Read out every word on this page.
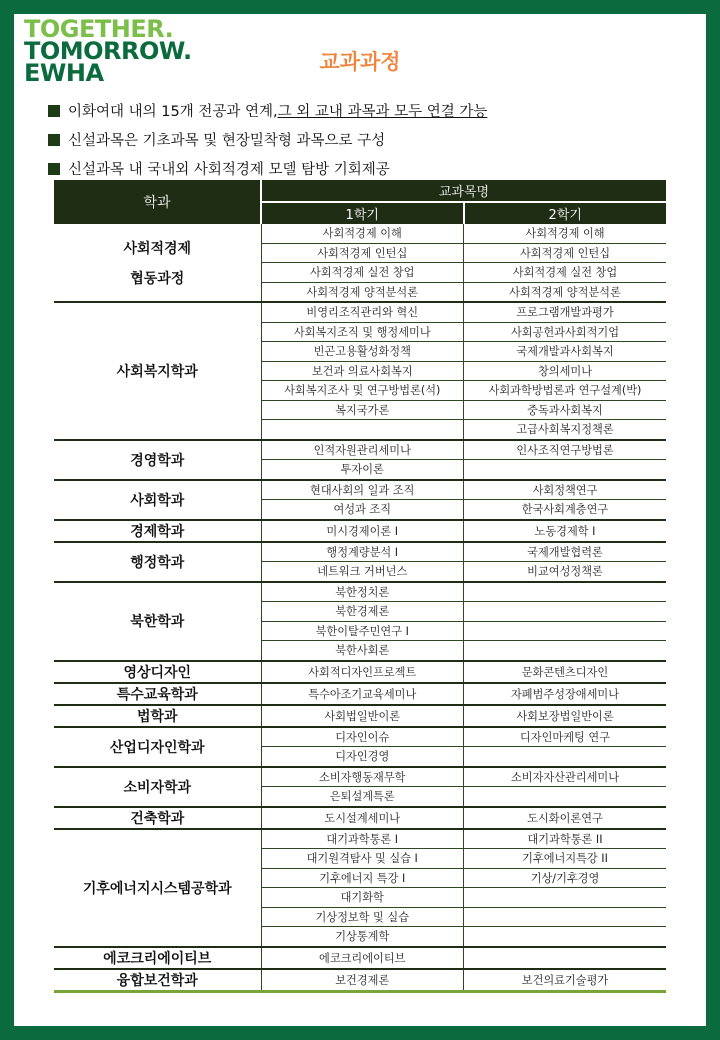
TOGETHER.
TOMORROW.
EWHA	교과과정
이화여대 내의 15개 전공과 연계, 그 외 교내 과목과 모두 연결 가능
신설과목은 기초과목 및 현장밀착형 과목으로 구성
신설과목 내 국내외 사회적경제 모델 탐방 기회제공
학과	교과목명	
	1학기	2학기

사회적경제
협동과정	사회적경제 이해	사회적경제 이해
	사회적경제 인턴십	사회적경제 인턴십
	사회적경제 실전 창업	사회적경제 실전 창업
	사회적경제 양적분석론	사회적경제 양적분석론

사회복지학과	비영리조직관리와 혁신	프로그램개발과평가
	사회복지조직 및 행정세미나	사회공헌과사회적기업
	빈곤고용활성화정책	국제개발과사회복지
	보건과 의료사회복지	창의세미나
	사회복지조사 및 연구방법론(석)	사회과학방법론과 연구설계(박)
	복지국가론	중독과사회복지
		고급사회복지정책론

경영학과	인적자원관리세미나	인사조직연구방법론
	투자이론	

사회학과	현대사회의 일과 조직	사회정책연구
	여성과 조직	한국사회계층연구

경제학과	미시경제이론 I	노동경제학 I

행정학과	행정계량분석 I	국제개발협력론
	네트워크 거버넌스	비교여성정책론

북한학과	북한정치론	
	북한경제론	
	북한이탈주민연구 I	
	북한사회론	

영상디자인	사회적디자인프로젝트	문화콘텐츠디자인

특수교육학과	특수아조기교육세미나	자폐범주성장애세미나

법학과	사회법일반이론	사회보장법일반이론

산업디자인학과	디자인이슈	디자인마케팅 연구
	디자인경영	

소비자학과	소비자행동재무학	소비자자산관리세미나
	은퇴설계특론	

건축학과	도시설계세미나	도시화이론연구

기후에너지시스템공학과	대기과학통론 I	대기과학통론 II
	대기원격탐사 및 실습 I	기후에너지특강 II
	기후에너지 특강 I	기상/기후경영
	대기화학	
	기상정보학 및 실습	
	기상통계학	

에코크리에이티브	에코크리에이티브	

융합보건학과	보건경제론	보건의료기술평가
